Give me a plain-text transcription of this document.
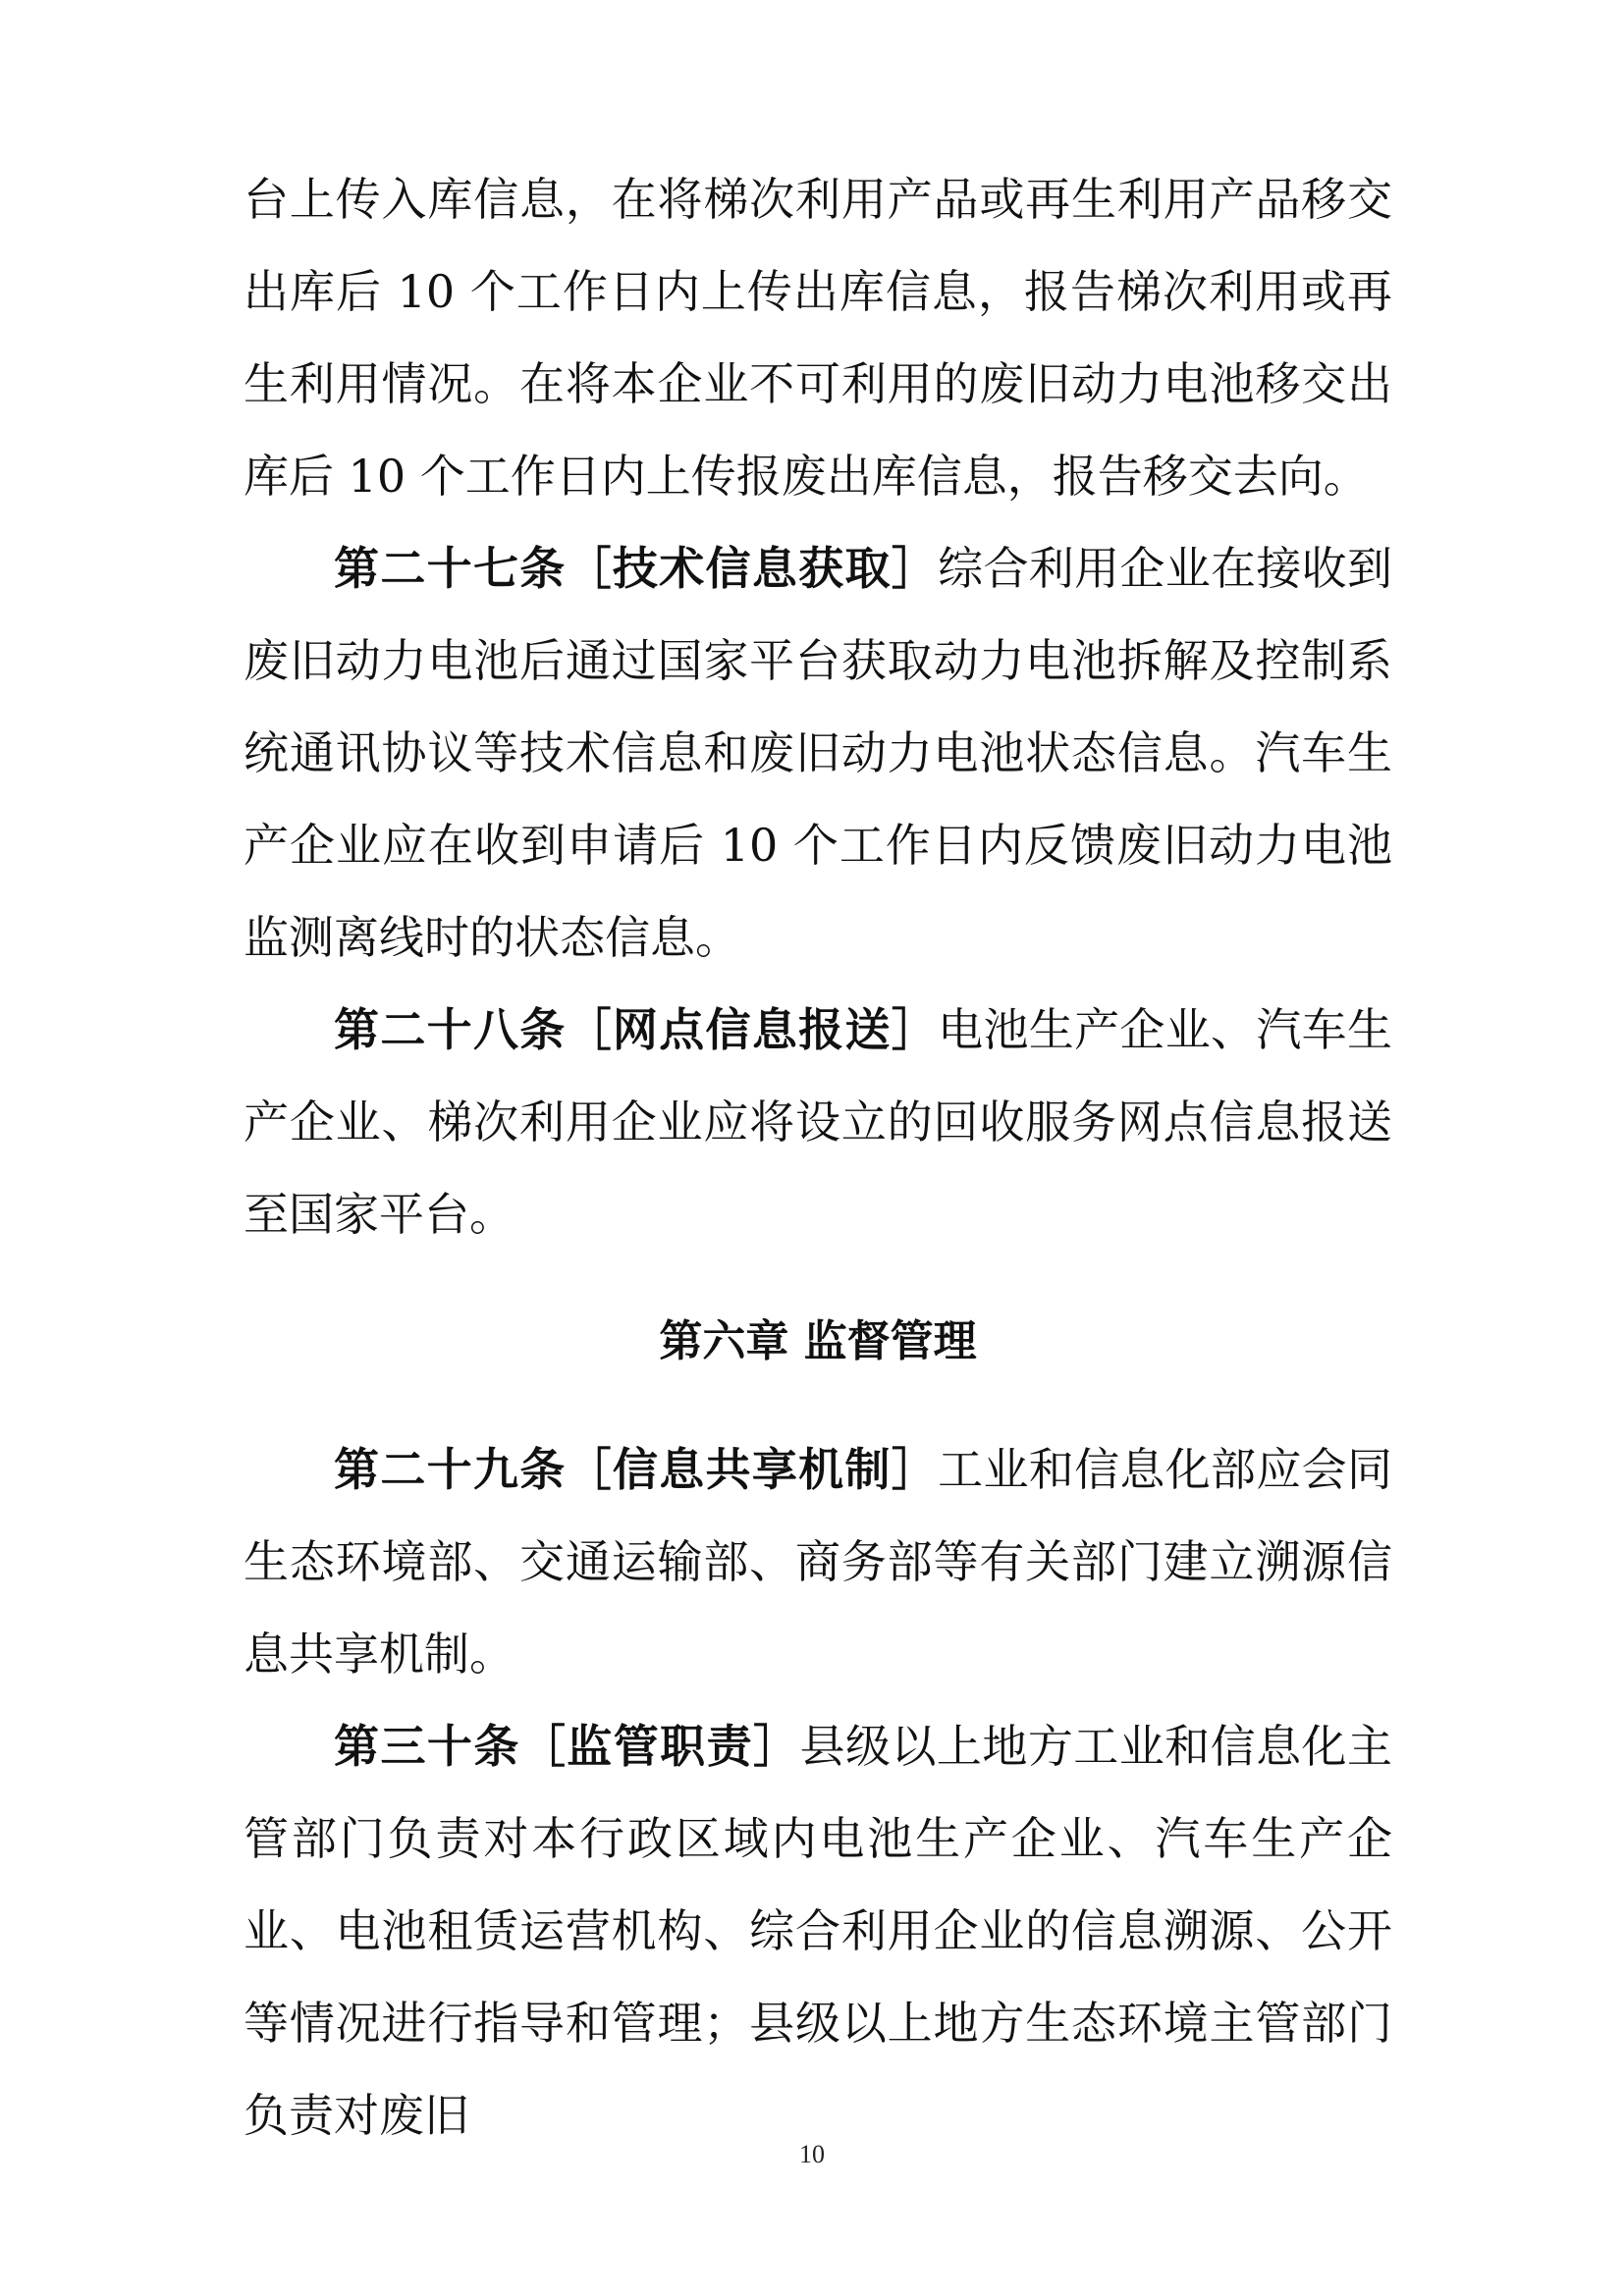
台上传入库信息，在将梯次利用产品或再生利用产品移交出库后 10 个工作日内上传出库信息，报告梯次利用或再生利用情况。在将本企业不可利用的废旧动力电池移交出库后 10 个工作日内上传报废出库信息，报告移交去向。

第二十七条［技术信息获取］综合利用企业在接收到废旧动力电池后通过国家平台获取动力电池拆解及控制系统通讯协议等技术信息和废旧动力电池状态信息。汽车生产企业应在收到申请后 10 个工作日内反馈废旧动力电池监测离线时的状态信息。

第二十八条［网点信息报送］电池生产企业、汽车生产企业、梯次利用企业应将设立的回收服务网点信息报送至国家平台。

第六章 监督管理

第二十九条［信息共享机制］工业和信息化部应会同生态环境部、交通运输部、商务部等有关部门建立溯源信息共享机制。

第三十条［监管职责］县级以上地方工业和信息化主管部门负责对本行政区域内电池生产企业、汽车生产企业、电池租赁运营机构、综合利用企业的信息溯源、公开等情况进行指导和管理；县级以上地方生态环境主管部门负责对废旧

10
